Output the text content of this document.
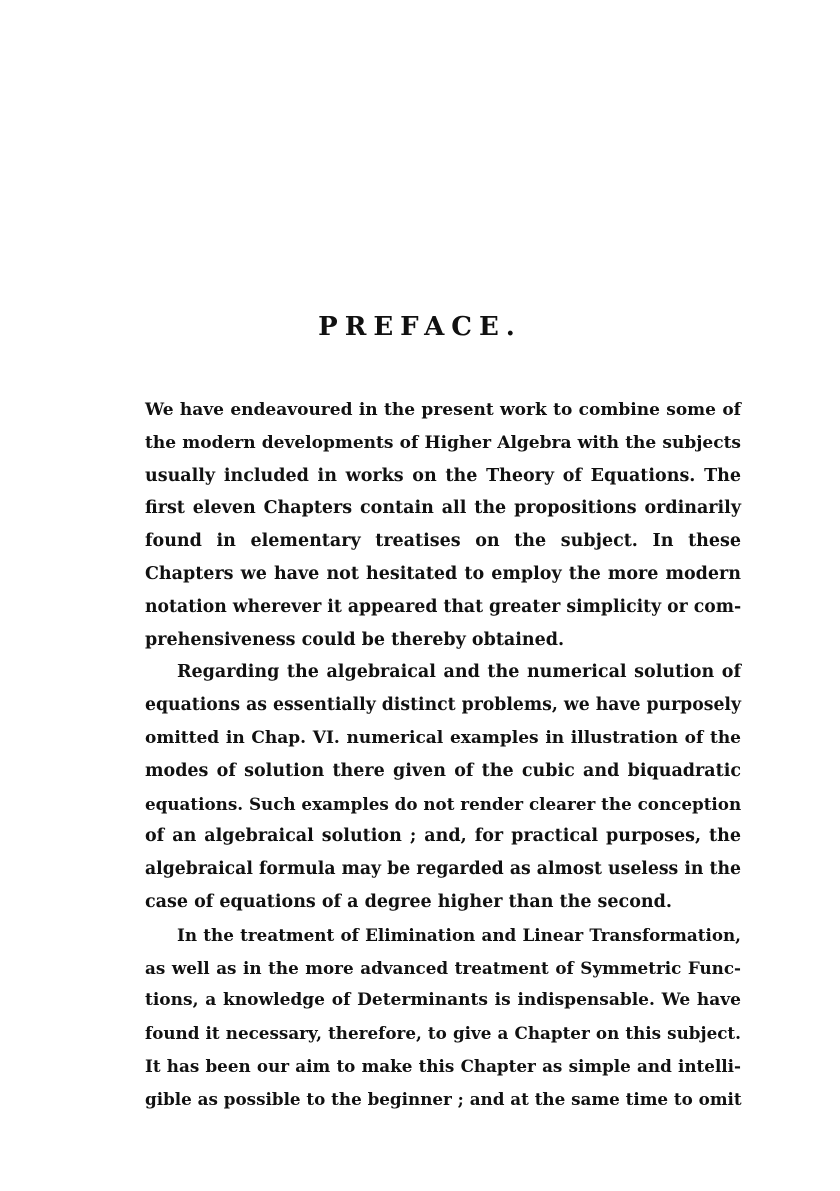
PREFACE.
We have endeavoured in the present work to combine some of
the modern developments of Higher Algebra with the subjects
usually included in works on the Theory of Equations. The
first eleven Chapters contain all the propositions ordinarily
found in elementary treatises on the subject. In these
Chapters we have not hesitated to employ the more modern
notation wherever it appeared that greater simplicity or com-
prehensiveness could be thereby obtained.
Regarding the algebraical and the numerical solution of
equations as essentially distinct problems, we have purposely
omitted in Chap. VI. numerical examples in illustration of the
modes of solution there given of the cubic and biquadratic
equations. Such examples do not render clearer the conception
of an algebraical solution ; and, for practical purposes, the
algebraical formula may be regarded as almost useless in the
case of equations of a degree higher than the second.
In the treatment of Elimination and Linear Transformation,
as well as in the more advanced treatment of Symmetric Func-
tions, a knowledge of Determinants is indispensable. We have
found it necessary, therefore, to give a Chapter on this subject.
It has been our aim to make this Chapter as simple and intelli-
gible as possible to the beginner ; and at the same time to omit
